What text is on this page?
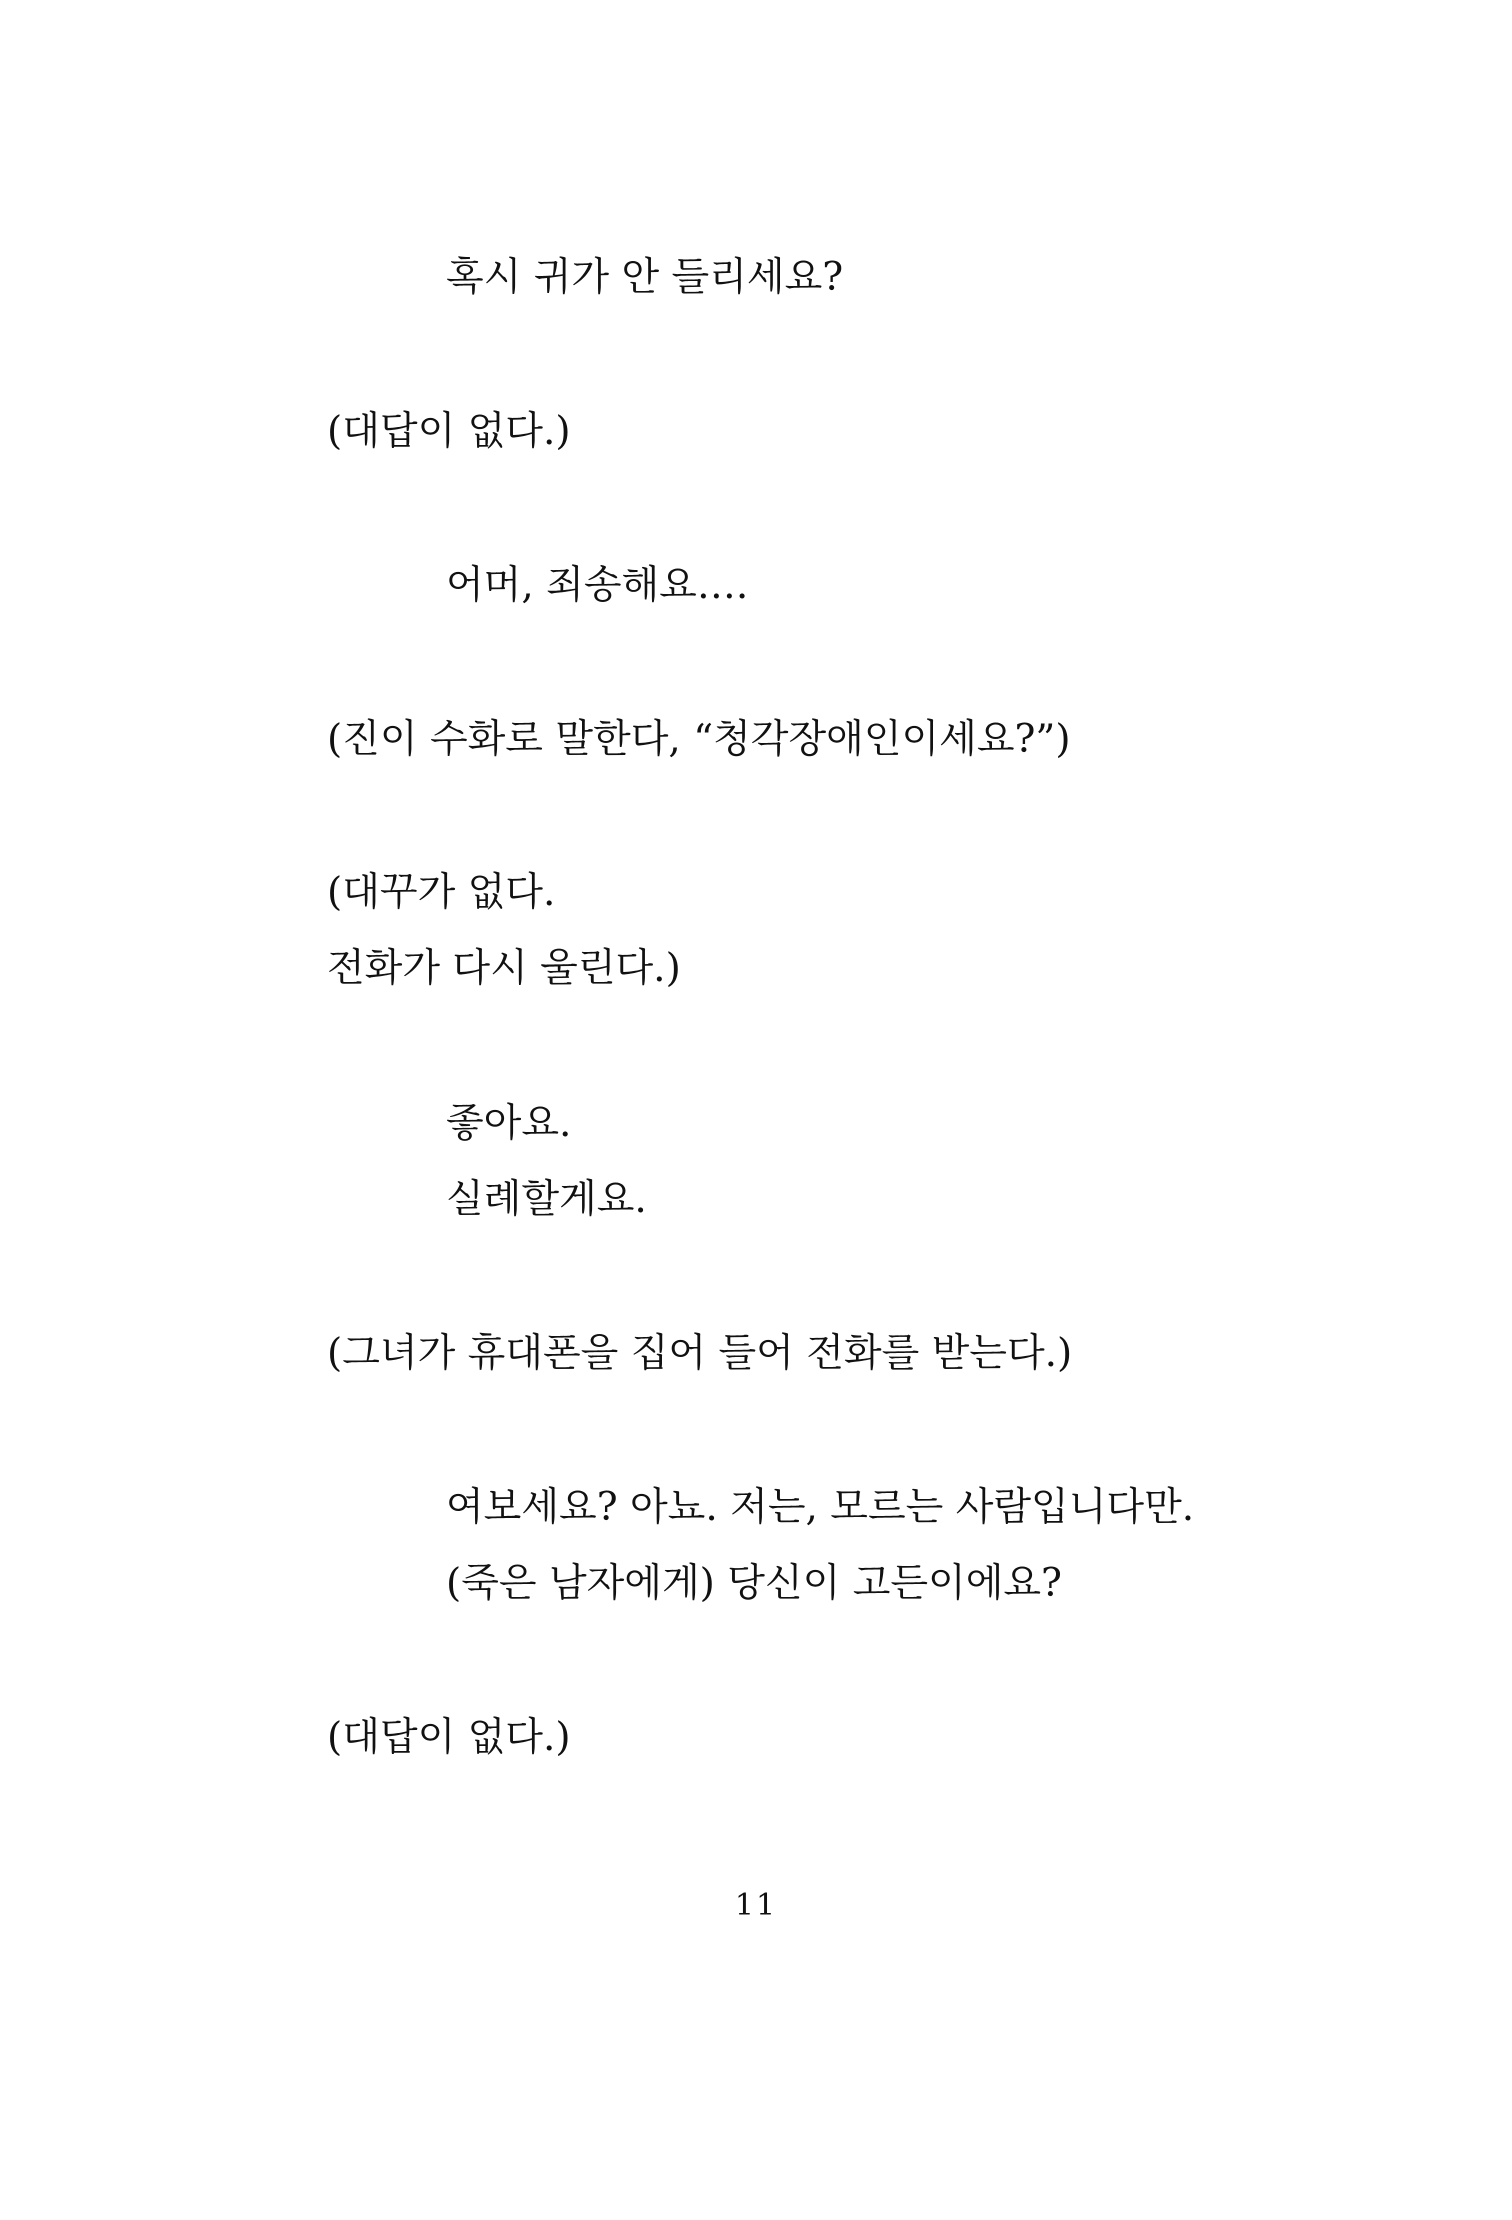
혹시 귀가 안 들리세요?

(대답이 없다.)

어머, 죄송해요….　

(진이 수화로 말한다, “청각장애인이세요?”)

(대꾸가 없다.

전화가 다시 울린다.)

좋아요.

실례할게요.

(그녀가 휴대폰을 집어 들어 전화를 받는다.)

여보세요? 아뇨. 저는, 모르는 사람입니다만.

(죽은 남자에게) 당신이 고든이에요?

(대답이 없다.)

11
